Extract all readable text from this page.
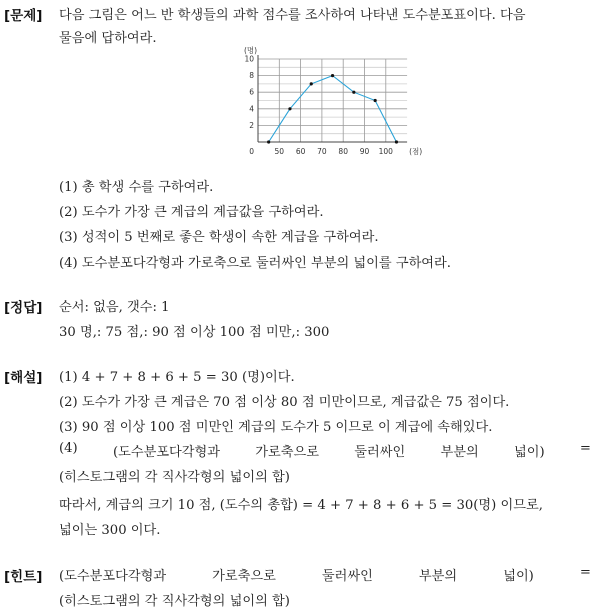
[문제] 다음 그림은 어느 반 학생들의 과학 점수를 조사하여 나타낸 도수분포표이다. 다음
물음에 답하여라.
2
4
6
8
10
50 60 70 80 90 100
0	(점)
(명)
(1) 총 학생 수를 구하여라.
(2) 도수가 가장 큰 계급의 계급값을 구하여라.
(3) 성적이 5 번째로 좋은 학생이 속한 계급을 구하여라.
(4) 도수분포다각형과 가로축으로 둘러싸인 부분의 넓이를 구하여라.
[정답] 순서: 없음, 갯수: 1
30 명,: 75 점,: 90 점 이상 100 점 미만,: 300
[해설] (1) 4 + 7 + 8 + 6 + 5 = 30 (명)이다.
(2) 도수가 가장 큰 계급은 70 점 이상 80 점 미만이므로, 계급값은 75 점이다.
(3) 90 점 이상 100 점 미만인 계급의 도수가 5 이므로 이 계급에 속해있다.
(4)	(도수분포다각형과	가로축으로	둘러싸인	부분의	넓이)	=
(히스토그램의 각 직사각형의 넓이의 합)
따라서, 계급의 크기 10 점, (도수의 총합) = 4 + 7 + 8 + 6 + 5 = 30(명) 이므로,
넓이는 300 이다.
[힌트] (도수분포다각형과	가로축으로	둘러싸인	부분의	넓이)	=
(히스토그램의 각 직사각형의 넓이의 합)
